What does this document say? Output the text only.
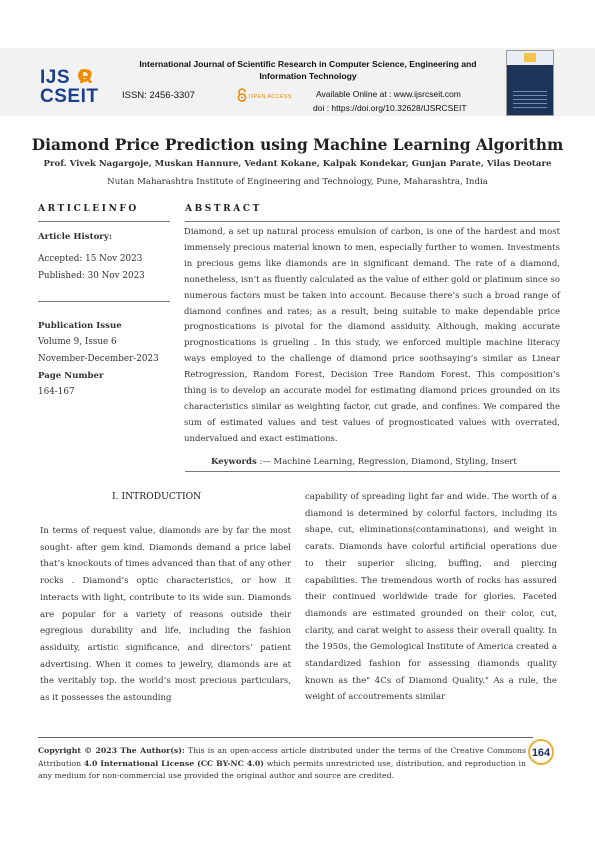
IJS R
CSEIT
International Journal of Scientific Research in Computer Science, Engineering and Information Technology
ISSN: 2456-3307	OPEN ACCESS	Available Online at : www.ijsrcseit.com
doi : https://doi.org/10.32628/IJSRCSEIT
Diamond Price Prediction using Machine Learning Algorithm
Prof. Vivek Nagargoje, Muskan Hannure, Vedant Kokane, Kalpak Kondekar, Gunjan Parate, Vilas Deotare
Nutan Maharashtra Institute of Engineering and Technology, Pune, Maharashtra, India
ARTICLEINFO	ABSTRACT
Article History:
Accepted: 15 Nov 2023
Published: 30 Nov 2023
Publication Issue
Volume 9, Issue 6
November-December-2023
Page Number
164-167
Diamond, a set up natural process emulsion of carbon, is one of the hardest and most immensely precious material known to men, especially further to women. Investments in precious gems like diamonds are in significant demand. The rate of a diamond, nonetheless, isn’t as fluently calculated as the value of either gold or platinum since so numerous factors must be taken into account. Because there’s such a broad range of diamond confines and rates; as a result, being suitable to make dependable price prognostications is pivotal for the diamond assiduity. Although, making accurate prognostications is grueling . In this study, we enforced multiple machine literacy ways employed to the challenge of diamond price soothsaying’s similar as Linear Retrogression, Random Forest, Decision Tree Random Forest. This composition’s thing is to develop an accurate model for estimating diamond prices grounded on its characteristics similar as weighting factor, cut grade, and confines. We compared the sum of estimated values and test values of prognosticated values with overrated, undervalued and exact estimations.
Keywords :— Machine Learning, Regression, Diamond, Styling, Insert
I. INTRODUCTION
In terms of request value, diamonds are by far the most sought- after gem kind. Diamonds demand a price label that’s knockouts of times advanced than that of any other rocks . Diamond’s optic characteristics, or how it interacts with light, contribute to its wide sun. Diamonds are popular for a variety of reasons outside their egregious durability and life, including the fashion assiduity, artistic significance, and directors’ patient advertising. When it comes to jewelry, diamonds are at the veritably top. the world’s most precious particulars, as it possesses the astounding
capability of spreading light far and wide. The worth of a diamond is determined by colorful factors, including its shape, cut, eliminations(contaminations), and weight in carats. Diamonds have colorful artificial operations due to their superior slicing, buffing, and piercing capabilities. The tremendous worth of rocks has assured their continued worldwide trade for glories. Faceted diamonds are estimated grounded on their color, cut, clarity, and carat weight to assess their overall quality. In the 1950s, the Gemological Institute of America created a standardized fashion for assessing diamonds quality known as the" 4Cs of Diamond Quality." As a rule, the weight of accoutrements similar
Copyright © 2023 The Author(s): This is an open-access article distributed under the terms of the Creative Commons Attribution 4.0 International License (CC BY-NC 4.0) which permits unrestricted use, distribution, and reproduction in any medium for non-commercial use provided the original author and source are credited.
164
